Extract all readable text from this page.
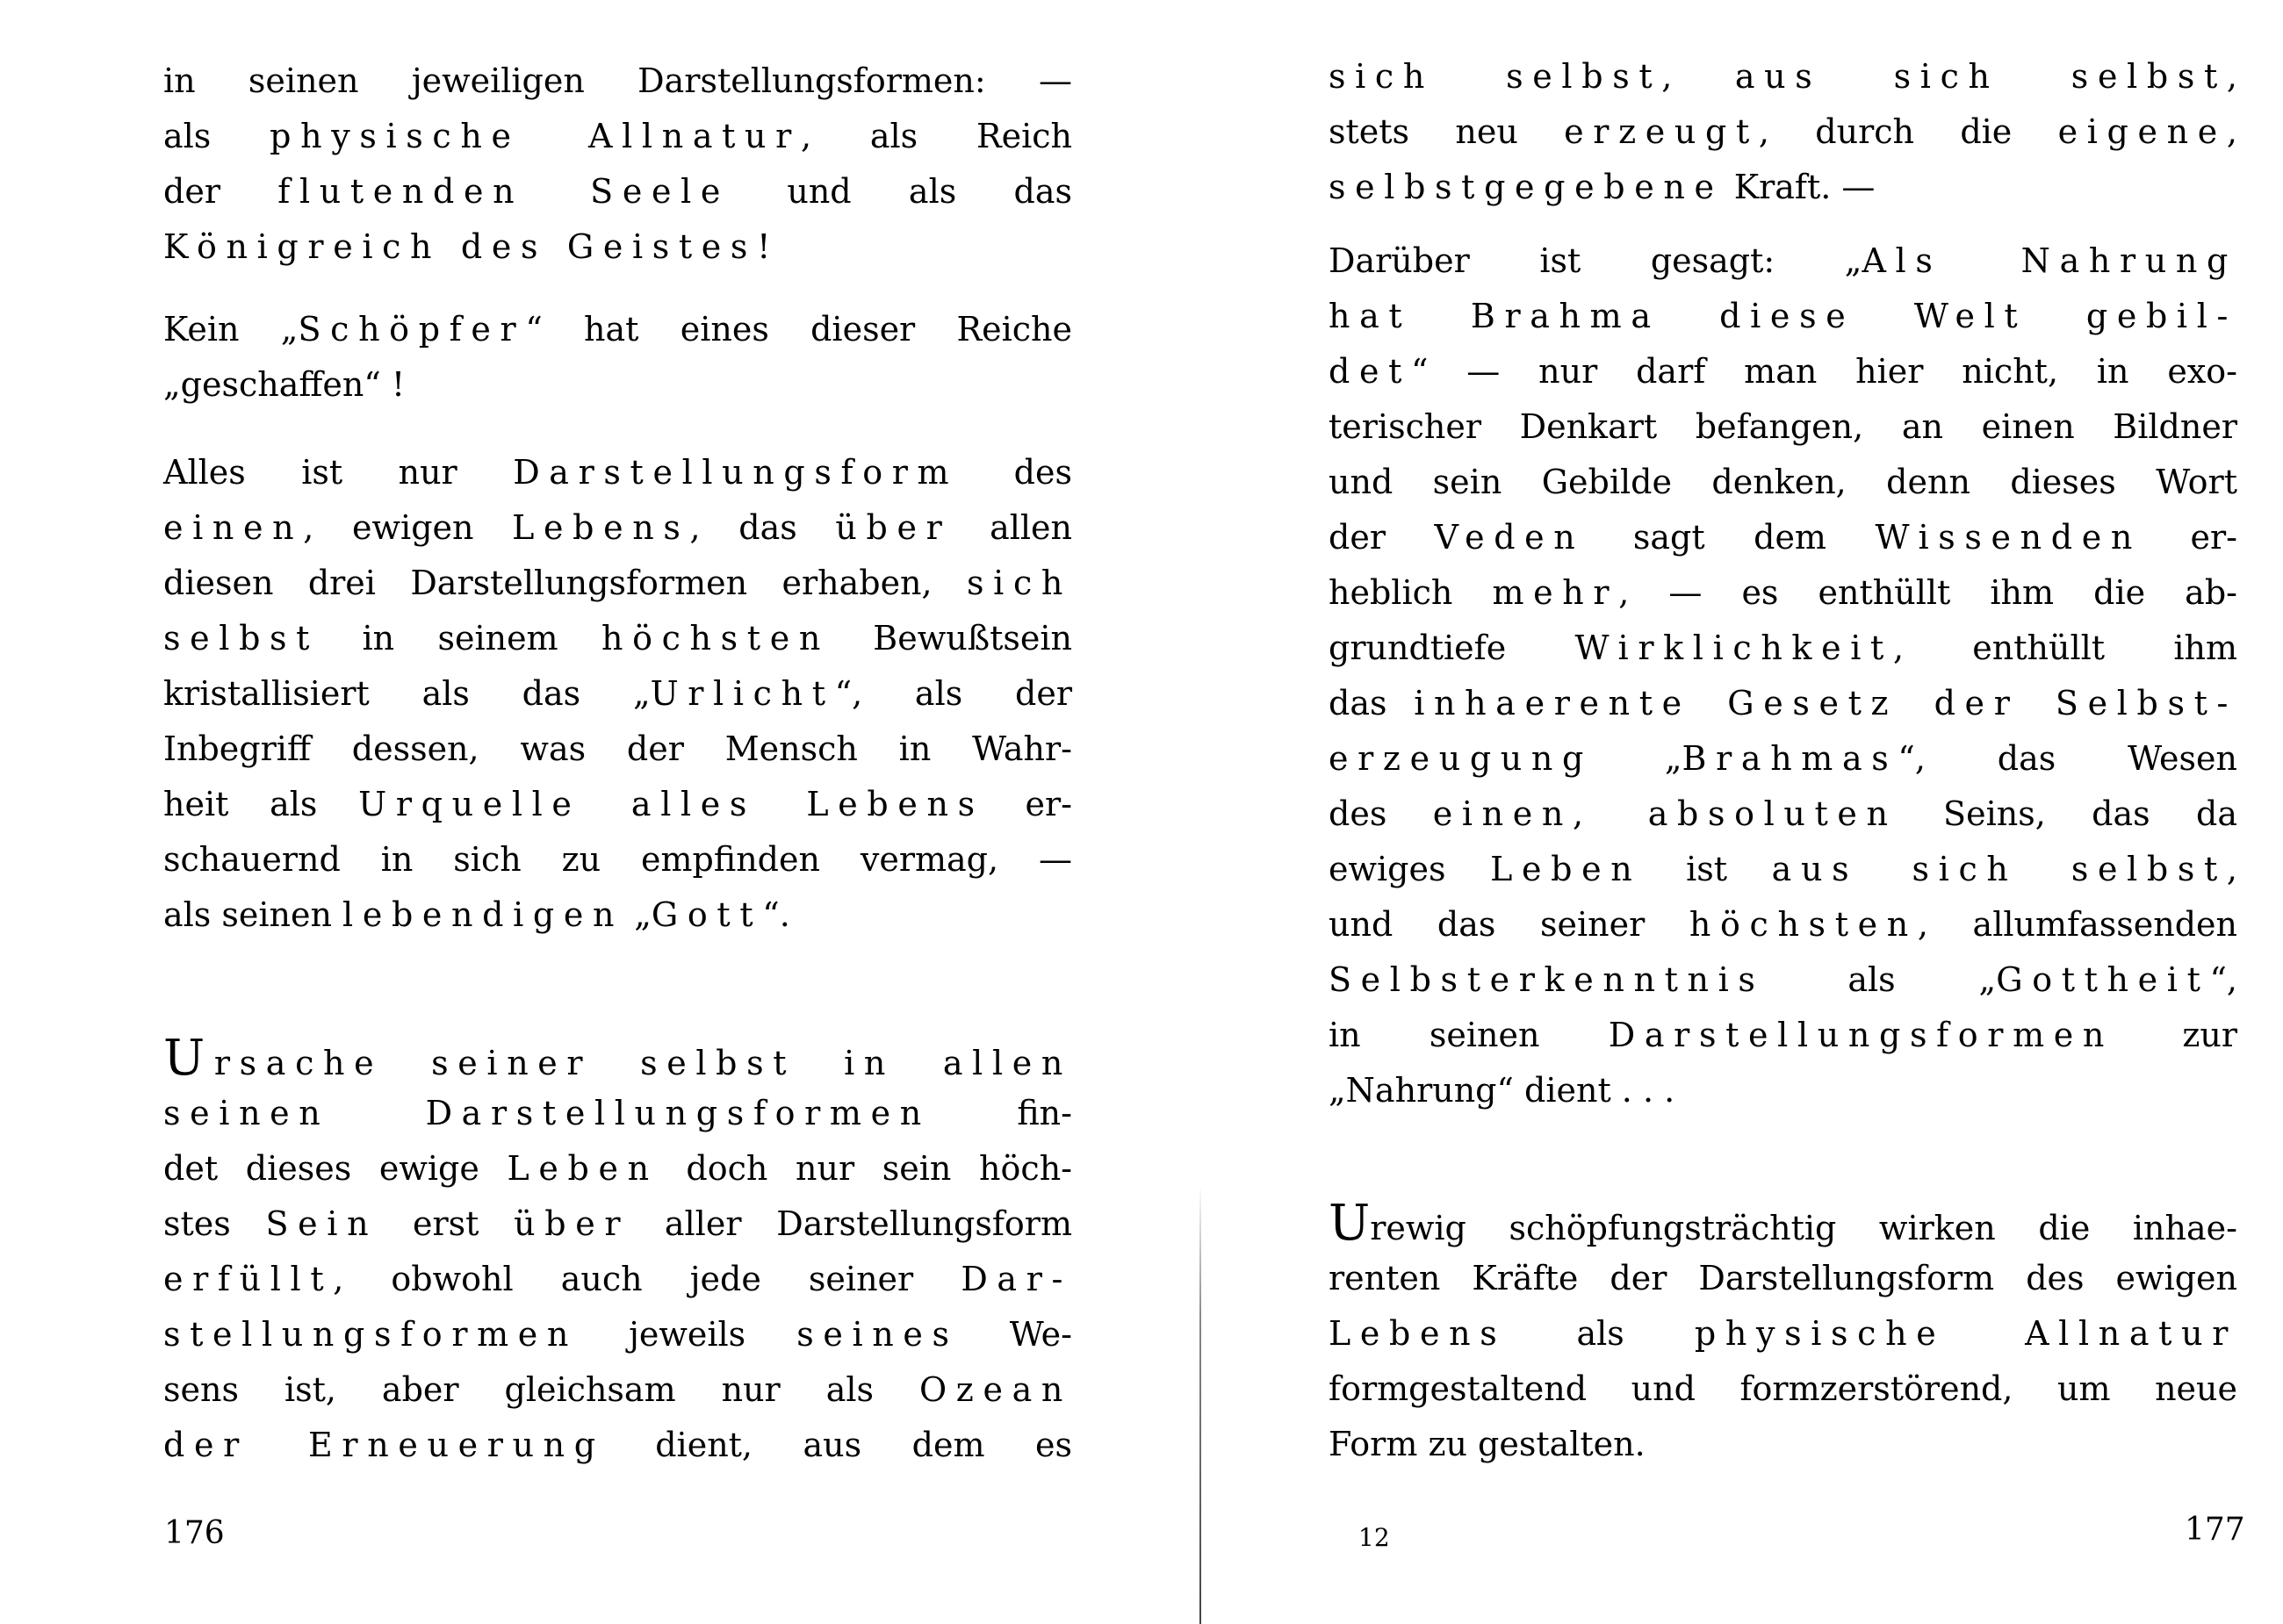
in seinen jeweiligen Darstellungsformen: —
als physische Allnatur, als Reich
der flutenden Seele und als das
Königreich des Geistes!
Kein „Schöpfer“ hat eines dieser Reiche
„geschaffen“ !
Alles ist nur Darstellungsform des
einen, ewigen Lebens, das über allen
diesen drei Darstellungsformen erhaben, sich
selbst in seinem höchsten Bewußtsein
kristallisiert als das „Urlicht“, als der
Inbegriff dessen, was der Mensch in Wahr-
heit als Urquelle alles Lebens er-
schauernd in sich zu empfinden vermag, —
als seinen lebendigen „Gott“.
Ursache seiner selbst in allen
seinen Darstellungsformen fin-
det dieses ewige Leben doch nur sein höch-
stes Sein erst über aller Darstellungsform
erfüllt, obwohl auch jede seiner Dar-
stellungsformen jeweils seines We-
sens ist, aber gleichsam nur als Ozean
der Erneuerung dient, aus dem es
176
sich selbst, aus sich selbst,
stets neu erzeugt, durch die eigene,
selbstgegebene Kraft. —
Darüber ist gesagt: „Als Nahrung
hat Brahma diese Welt gebil-
det“ — nur darf man hier nicht, in exo-
terischer Denkart befangen, an einen Bildner
und sein Gebilde denken, denn dieses Wort
der Veden sagt dem Wissenden er-
heblich mehr, — es enthüllt ihm die ab-
grundtiefe Wirklichkeit, enthüllt ihm
das inhaerente Gesetz der Selbst-
erzeugung „Brahmas“, das Wesen
des einen, absoluten Seins, das da
ewiges Leben ist aus sich selbst,
und das seiner höchsten, allumfassenden
Selbsterkenntnis als „Gottheit“,
in seinen Darstellungsformen zur
„Nahrung“ dient . . .
Urewig schöpfungsträchtig wirken die inhae-
renten Kräfte der Darstellungsform des ewigen
Lebens als physische Allnatur
formgestaltend und formzerstörend, um neue
Form zu gestalten.
12	177
